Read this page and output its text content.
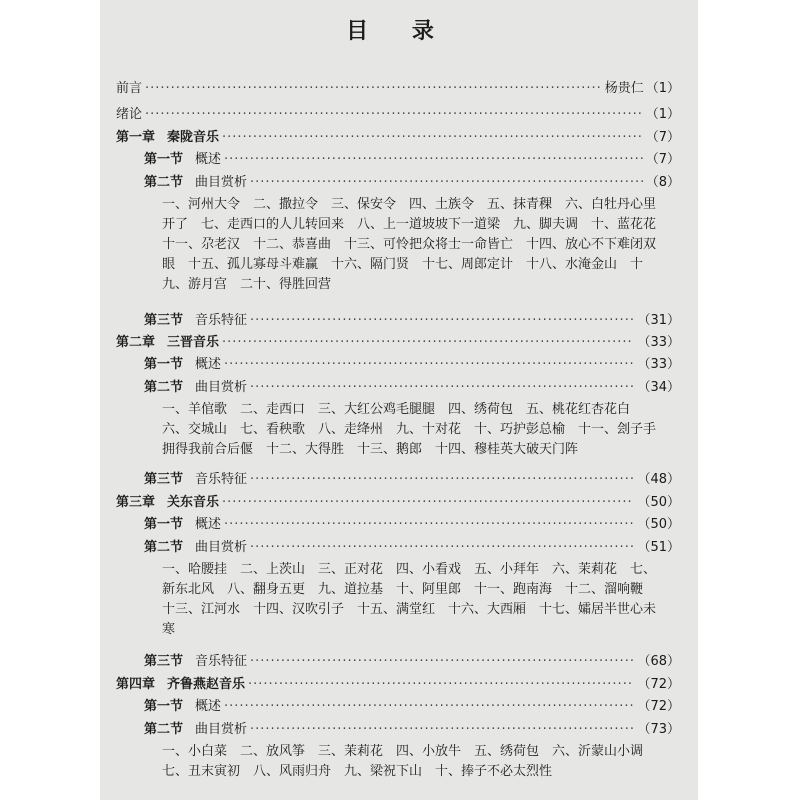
目 录
前言 ·····	杨贵仁 （1）
绪论 ·····	（1）
第一章 秦陇音乐 ·····	（7）
第一节 概述 ·····	（7）
第二节 曲目赏析 ·····	（8）
一、河州大令　二、撒拉令　三、保安令　四、土族令　五、抹青稞　六、白牡丹心里开了　七、走西口的人儿转回来　八、上一道坡坡下一道梁　九、脚夫调　十、蓝花花　十一、尕老汉　十二、恭喜曲　十三、可怜把众将士一命皆亡　十四、放心不下难闭双眼　十五、孤儿寡母斗难赢　十六、隔门贤　十七、周郎定计　十八、水淹金山　十九、游月宫　二十、得胜回营
第三节 音乐特征 ·····	（31）
第二章 三晋音乐 ·····	（33）
第一节 概述 ·····	（33）
第二节 曲目赏析 ·····	（34）
一、羊倌歌　二、走西口　三、大红公鸡毛腿腿　四、绣荷包　五、桃花红杏花白　六、交城山　七、看秧歌　八、走绛州　九、十对花　十、巧护彭总榆　十一、刽子手拥得我前合后偃　十二、大得胜　十三、鹅郎　十四、穆桂英大破天门阵
第三节 音乐特征 ·····	（48）
第三章 关东音乐 ·····	（50）
第一节 概述 ·····	（50）
第二节 曲目赏析 ·····	（51）
一、哈腰挂　二、上茨山　三、正对花　四、小看戏　五、小拜年　六、茉莉花　七、新东北风　八、翻身五更　九、道拉基　十、阿里郎　十一、跑南海　十二、溜响鞭　十三、江河水　十四、汉吹引子　十五、满堂红　十六、大西厢　十七、孀居半世心未寒
第三节 音乐特征 ·····	（68）
第四章 齐鲁燕赵音乐 ·····	（72）
第一节 概述 ·····	（72）
第二节 曲目赏析 ·····	（73）
一、小白菜　二、放风筝　三、茉莉花　四、小放牛　五、绣荷包　六、沂蒙山小调　七、丑末寅初　八、风雨归舟　九、梁祝下山　十、捧子不必太烈性
